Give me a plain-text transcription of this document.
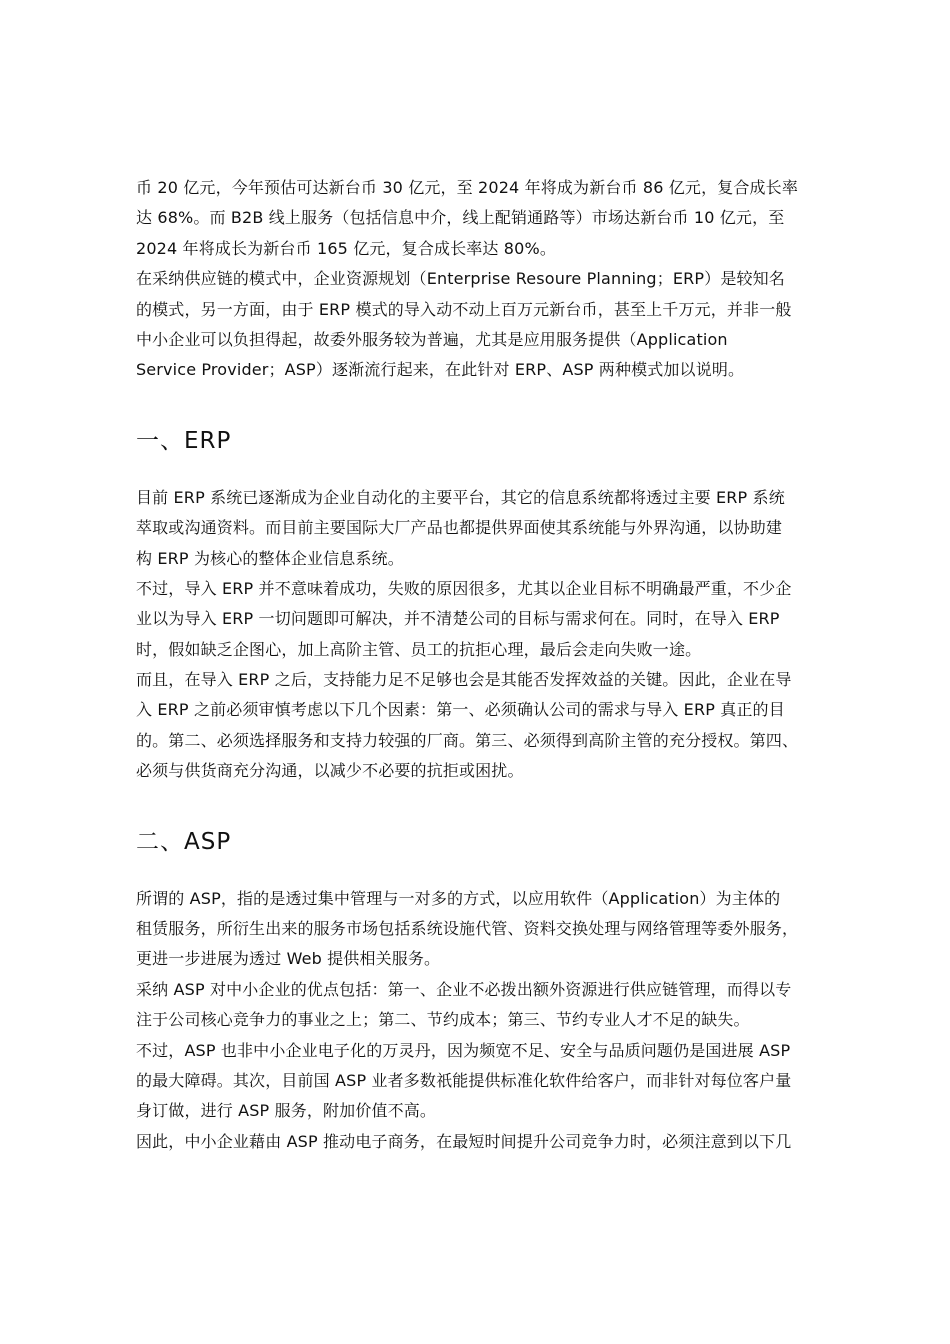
币 20 亿元，今年预估可达新台币 30 亿元，至 2024 年将成为新台币 86 亿元，复合成长率
达 68%。而 B2B 线上服务（包括信息中介，线上配销通路等）市场达新台币 10 亿元，至
2024 年将成长为新台币 165 亿元，复合成长率达 80%。

在采纳供应链的模式中，企业资源规划（Enterprise Resoure Planning；ERP）是较知名
的模式，另一方面，由于 ERP 模式的导入动不动上百万元新台币，甚至上千万元，并非一般
中小企业可以负担得起，故委外服务较为普遍，尤其是应用服务提供（Application
Service Provider；ASP）逐渐流行起来，在此针对 ERP、ASP 两种模式加以说明。

一、ERP

目前 ERP 系统已逐渐成为企业自动化的主要平台，其它的信息系统都将透过主要 ERP 系统
萃取或沟通资料。而目前主要国际大厂产品也都提供界面使其系统能与外界沟通，以协助建
构 ERP 为核心的整体企业信息系统。

不过，导入 ERP 并不意味着成功，失败的原因很多，尤其以企业目标不明确最严重，不少企
业以为导入 ERP 一切问题即可解决，并不清楚公司的目标与需求何在。同时，在导入 ERP
时，假如缺乏企图心，加上高阶主管、员工的抗拒心理，最后会走向失败一途。

而且，在导入 ERP 之后，支持能力足不足够也会是其能否发挥效益的关键。因此，企业在导
入 ERP 之前必须审慎考虑以下几个因素：第一、必须确认公司的需求与导入 ERP 真正的目
的。第二、必须选择服务和支持力较强的厂商。第三、必须得到高阶主管的充分授权。第四、
必须与供货商充分沟通，以减少不必要的抗拒或困扰。

二、ASP

所谓的 ASP，指的是透过集中管理与一对多的方式，以应用软件（Application）为主体的
租赁服务，所衍生出来的服务市场包括系统设施代管、资料交换处理与网络管理等委外服务，
更进一步进展为透过 Web 提供相关服务。

采纳 ASP 对中小企业的优点包括：第一、企业不必拨出额外资源进行供应链管理，而得以专
注于公司核心竞争力的事业之上；第二、节约成本；第三、节约专业人才不足的缺失。

不过，ASP 也非中小企业电子化的万灵丹，因为频宽不足、安全与品质问题仍是国进展 ASP
的最大障碍。其次，目前国 ASP 业者多数祇能提供标准化软件给客户，而非针对每位客户量
身订做，进行 ASP 服务，附加价值不高。

因此，中小企业藉由 ASP 推动电子商务，在最短时间提升公司竞争力时，必须注意到以下几
